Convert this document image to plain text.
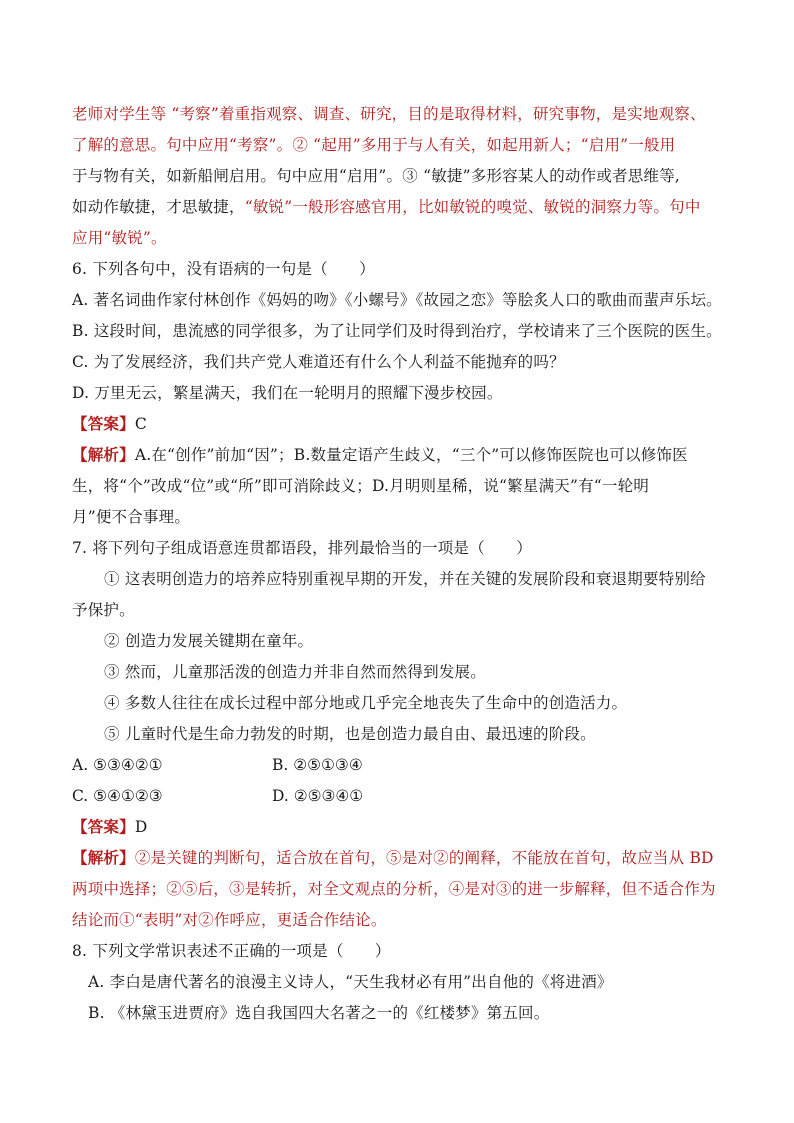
老师对学生等 “考察”着重指观察、调查、研究，目的是取得材料，研究事物，是实地观察、
了解的意思。句中应用“考察”。② “起用”多用于与人有关，如起用新人；“启用”一般用
于与物有关，如新船闸启用。句中应用“启用”。③ “敏捷”多形容某人的动作或者思维等,
如动作敏捷，才思敏捷，“敏锐”一般形容感官用，比如敏锐的嗅觉、敏锐的洞察力等。句中
应用“敏锐”。
6. 下列各句中，没有语病的一句是（　　）
A. 著名词曲作家付林创作《妈妈的吻》《小螺号》《故园之恋》等脍炙人口的歌曲而蜚声乐坛。
B. 这段时间，患流感的同学很多，为了让同学们及时得到治疗，学校请来了三个医院的医生。
C. 为了发展经济，我们共产党人难道还有什么个人利益不能抛弃的吗？
D. 万里无云，繁星满天，我们在一轮明月的照耀下漫步校园。
【答案】C
【解析】A.在“创作”前加“因”；B.数量定语产生歧义，“三个”可以修饰医院也可以修饰医
生，将“个”改成“位”或“所”即可消除歧义；D.月明则星稀，说“繁星满天”有“一轮明
月”便不合事理。
7. 将下列句子组成语意连贯都语段，排列最恰当的一项是（　　）
① 这表明创造力的培养应特别重视早期的开发，并在关键的发展阶段和衰退期要特别给
予保护。
② 创造力发展关键期在童年。
③ 然而，儿童那活泼的创造力并非自然而然得到发展。
④ 多数人往往在成长过程中部分地或几乎完全地丧失了生命中的创造活力。
⑤ 儿童时代是生命力勃发的时期，也是创造力最自由、最迅速的阶段。
A. ⑤③④②①	B. ②⑤①③④
C. ⑤④①②③	D. ②⑤③④①
【答案】D
【解析】②是关键的判断句，适合放在首句，⑤是对②的阐释，不能放在首句，故应当从 BD
两项中选择；②⑤后，③是转折，对全文观点的分析，④是对③的进一步解释，但不适合作为
结论而①“表明”对②作呼应，更适合作结论。
8. 下列文学常识表述不正确的一项是（　　）
A. 李白是唐代著名的浪漫主义诗人，“天生我材必有用”出自他的《将进酒》
B. 《林黛玉进贾府》选自我国四大名著之一的《红楼梦》第五回。
